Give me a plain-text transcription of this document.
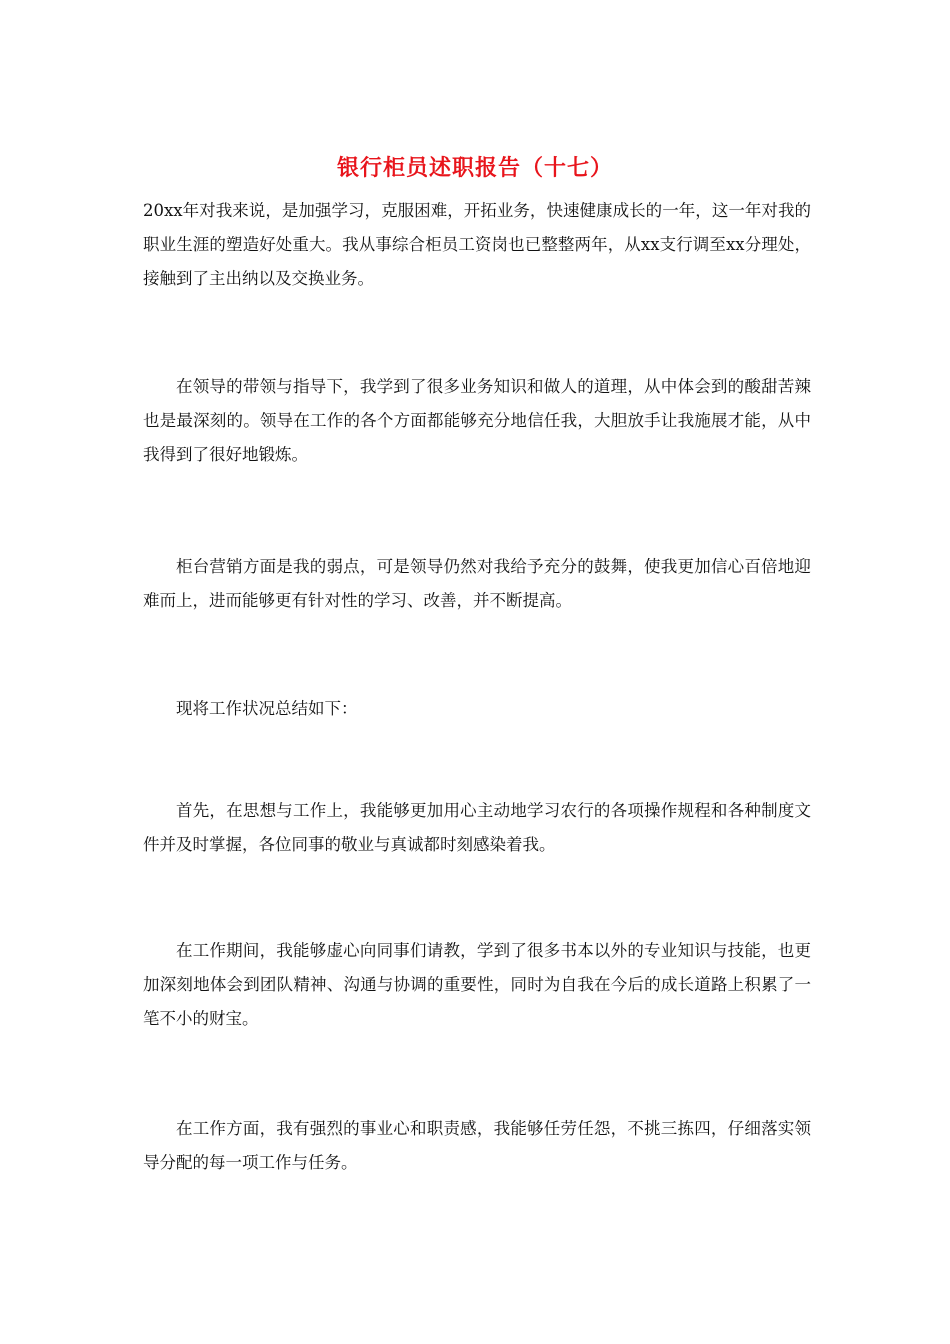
银行柜员述职报告（十七）

20xx年对我来说，是加强学习，克服困难，开拓业务，快速健康成长的一年，这一年对我的职业生涯的塑造好处重大。我从事综合柜员工资岗也已整整两年，从xx支行调至xx分理处，接触到了主出纳以及交换业务。

在领导的带领与指导下，我学到了很多业务知识和做人的道理，从中体会到的酸甜苦辣也是最深刻的。领导在工作的各个方面都能够充分地信任我，大胆放手让我施展才能，从中我得到了很好地锻炼。

柜台营销方面是我的弱点，可是领导仍然对我给予充分的鼓舞，使我更加信心百倍地迎难而上，进而能够更有针对性的学习、改善，并不断提高。

现将工作状况总结如下：

首先，在思想与工作上，我能够更加用心主动地学习农行的各项操作规程和各种制度文件并及时掌握，各位同事的敬业与真诚都时刻感染着我。

在工作期间，我能够虚心向同事们请教，学到了很多书本以外的专业知识与技能，也更加深刻地体会到团队精神、沟通与协调的重要性，同时为自我在今后的成长道路上积累了一笔不小的财宝。

在工作方面，我有强烈的事业心和职责感，我能够任劳任怨，不挑三拣四，仔细落实领导分配的每一项工作与任务。
